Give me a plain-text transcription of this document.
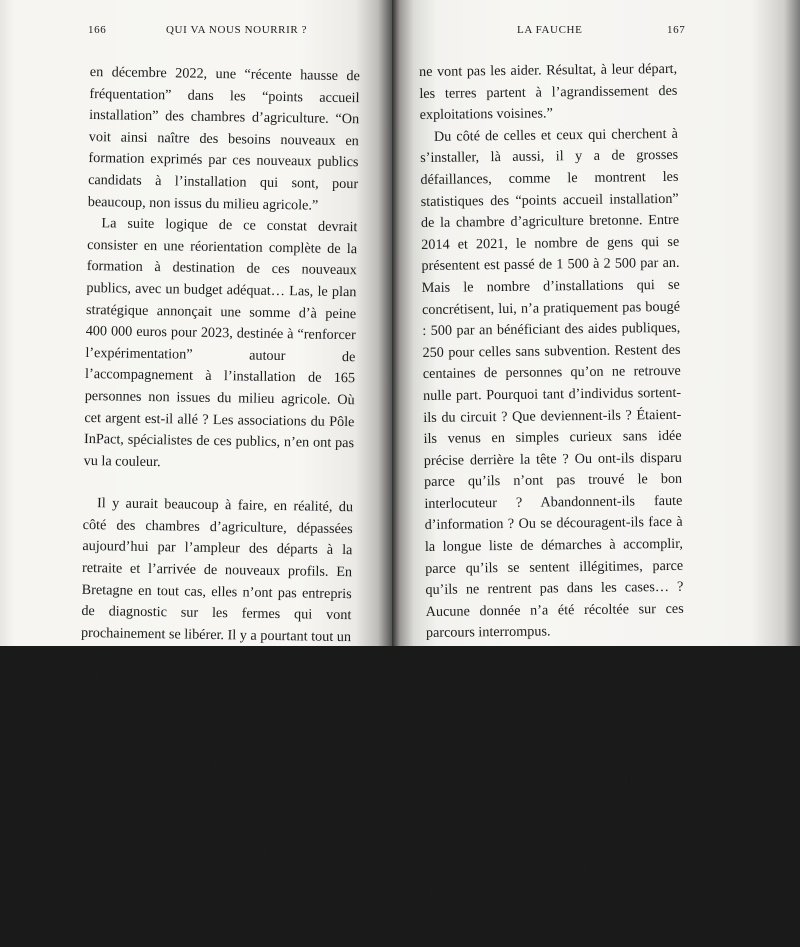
166	QUI VA NOUS NOURRIR ?

en décembre 2022, une “récente hausse de fréquentation” dans les “points accueil installation” des chambres d’agriculture. “On voit ainsi naître des besoins nouveaux en formation exprimés par ces nouveaux publics candidats à l’installation qui sont, pour beaucoup, non issus du milieu agricole.”

La suite logique de ce constat devrait consister en une réorientation complète de la formation à destination de ces nouveaux publics, avec un budget adéquat… Las, le plan stratégique annonçait une somme d’à peine 400 000 euros pour 2023, destinée à “renforcer l’expérimentation” autour de l’accompagnement à l’installation de 165 personnes non issues du milieu agricole. Où cet argent est-il allé ? Les associations du Pôle InPact, spécialistes de ces publics, n’en ont pas vu la couleur.

Il y aurait beaucoup à faire, en réalité, du côté des chambres d’agriculture, dépassées aujourd’hui par l’ampleur des départs à la retraite et l’arrivée de nouveaux profils. En Bretagne en tout cas, elles n’ont pas entrepris de diagnostic sur les fermes qui vont prochainement se libérer. Il y a pourtant tout un travail à réaliser sur le territoire auprès des cédants, assure le président de Terre de Liens Bretagne, Samuel Servel : “Aller les voir avant leur départ pour les sensibiliser à l’idée de la transmission, identifier les fermes susceptibles de s’arrêter…” Les cédants sont livrés à eux-mêmes ; à eux de se tourner vers la chambre d’agriculture pour préparer leur transmission. “Beaucoup ne sont pas dans la recherche de repreneurs, ils ne font pas cette démarche et les chambres d’agriculture

LA FAUCHE	167

ne vont pas les aider. Résultat, à leur départ, les terres partent à l’agrandissement des exploitations voisines.”

Du côté de celles et ceux qui cherchent à s’installer, là aussi, il y a de grosses défaillances, comme le montrent les statistiques des “points accueil installation” de la chambre d’agriculture bretonne. Entre 2014 et 2021, le nombre de gens qui se présentent est passé de 1 500 à 2 500 par an. Mais le nombre d’installations qui se concrétisent, lui, n’a pratiquement pas bougé : 500 par an bénéficiant des aides publiques, 250 pour celles sans subvention. Restent des centaines de personnes qu’on ne retrouve nulle part. Pourquoi tant d’individus sortent-ils du circuit ? Que deviennent-ils ? Étaient-ils venus en simples curieux sans idée précise derrière la tête ? Ou ont-ils disparu parce qu’ils n’ont pas trouvé le bon interlocuteur ? Abandonnent-ils faute d’information ? Ou se découragent-ils face à la longue liste de démarches à accomplir, parce qu’ils se sentent illégitimes, parce qu’ils ne rentrent pas dans les cases… ? Aucune donnée n’a été récoltée sur ces parcours interrompus.

Pour me rendre compte de l’accueil fait aux personnes non originaires du milieu agricole, je me rends par une matinée de printemps 2023 au “point accueil installation” de la chambre d’agriculture des Côtes-d’Armor, en périphérie de Saint-Brieuc. Sur le prospectus du service, barré du slogan “L’agriculture et moi, on s’est trouvé !”, je vois un homme avançant d’un pas décidé suivi d’un troupeau de vaches. Pas très inclusif, me dis-je, quand on sait que les femmes sont de plus en plus nombreuses à se tourner vers ces
